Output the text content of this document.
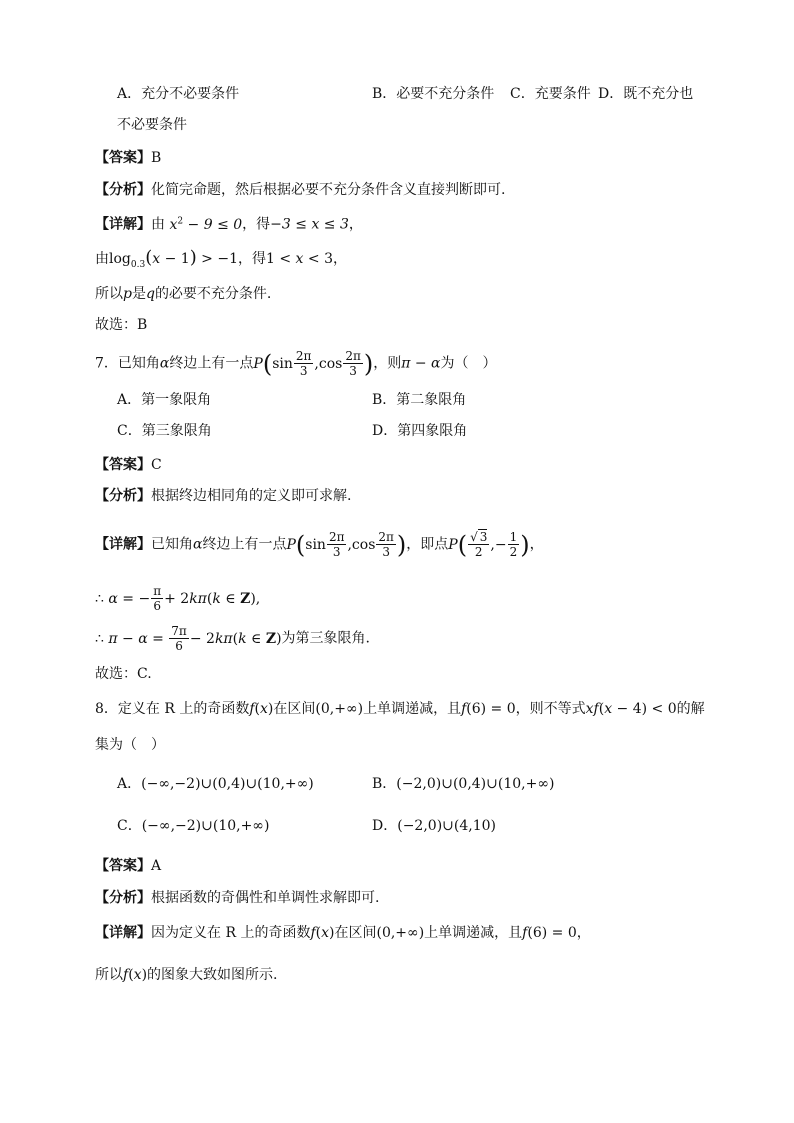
A．充分不必要条件	B．必要不充分条件 C．充要条件 D．既不充分也
不必要条件
【答案】B
【分析】化简完命题，然后根据必要不充分条件含义直接判断即可.
【详解】由 $x^2 - 9 \le 0$，得−3 ≤ x ≤ 3，
由$\log_{0.3}(x - 1) > -1$，得1 < x < 3，
所以p是q的必要不充分条件.
故选：B
7．已知角α终边上有一点$P(\sin \frac{2\pi}{3} ,\cos \frac{2\pi}{3}$ )，则π − α为（　）
A．第一象限角	B．第二象限角
C．第三象限角	D．第四象限角
【答案】C
【分析】根据终边相同角的定义即可求解.
【详解】已知角α终边上有一点$P(\sin \frac{2\pi}{3} ,\cos \frac{2\pi}{3}$ )，即点$P( \frac{√ 3}{2}$ ,− $\frac{1}{2}$ )，
∴ α = − $\frac{\pi}{6} + 2k\pi(k$ ∈ Z),
∴ $\pi - \alpha = \frac{7\pi}{6} - 2k\pi(k$ ∈ Z)为第三象限角.
故选：C.
8．定义在 R 上的奇函数f(x)在区间(0,+∞)上单调递减，且f(6) = 0，则不等式xf(x − 4) < 0的解
集为（　）
A．(−∞,−2)∪(0,4)∪(10,+∞)	B．(−2,0)∪(0,4)∪(10,+∞)
C．(−∞,−2)∪(10,+∞)	D．(−2,0)∪(4,10)
【答案】A
【分析】根据函数的奇偶性和单调性求解即可.
【详解】因为定义在 R 上的奇函数f(x)在区间(0,+∞)上单调递减，且f(6) = 0，
所以f(x)的图象大致如图所示.
